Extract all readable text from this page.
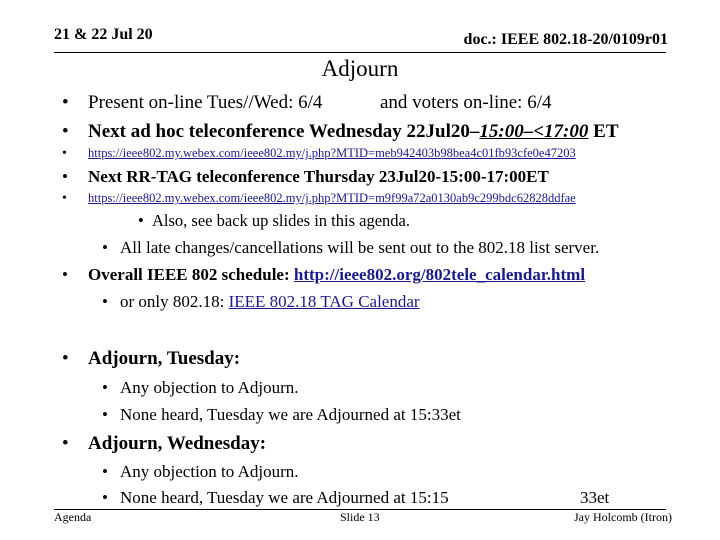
21 & 22 Jul 20	doc.: IEEE 802.18-20/0109r01
Adjourn
• Present on-line Tues//Wed: 6/4	and voters on-line: 6/4
• Next ad hoc teleconference Wednesday 22Jul20–15:00–<17:00 ET
• https://ieee802.my.webex.com/ieee802.my/j.php?MTID=meb942403b98bea4c01fb93cfe0e47203
• Next RR-TAG teleconference Thursday 23Jul20-15:00-17:00ET
• https://ieee802.my.webex.com/ieee802.my/j.php?MTID=m9f99a72a0130ab9c299bdc62828ddfae
• Also, see back up slides in this agenda.
• All late changes/cancellations will be sent out to the 802.18 list server.
• Overall IEEE 802 schedule: http://ieee802.org/802tele_calendar.html
• or only 802.18: IEEE 802.18 TAG Calendar
• Adjourn, Tuesday:
• Any objection to Adjourn.
• None heard, Tuesday we are Adjourned at 15:33et
• Adjourn, Wednesday:
• Any objection to Adjourn.
• None heard, Tuesday we are Adjourned at 15:15	33et
Agenda	Slide 13	Jay Holcomb (Itron)
